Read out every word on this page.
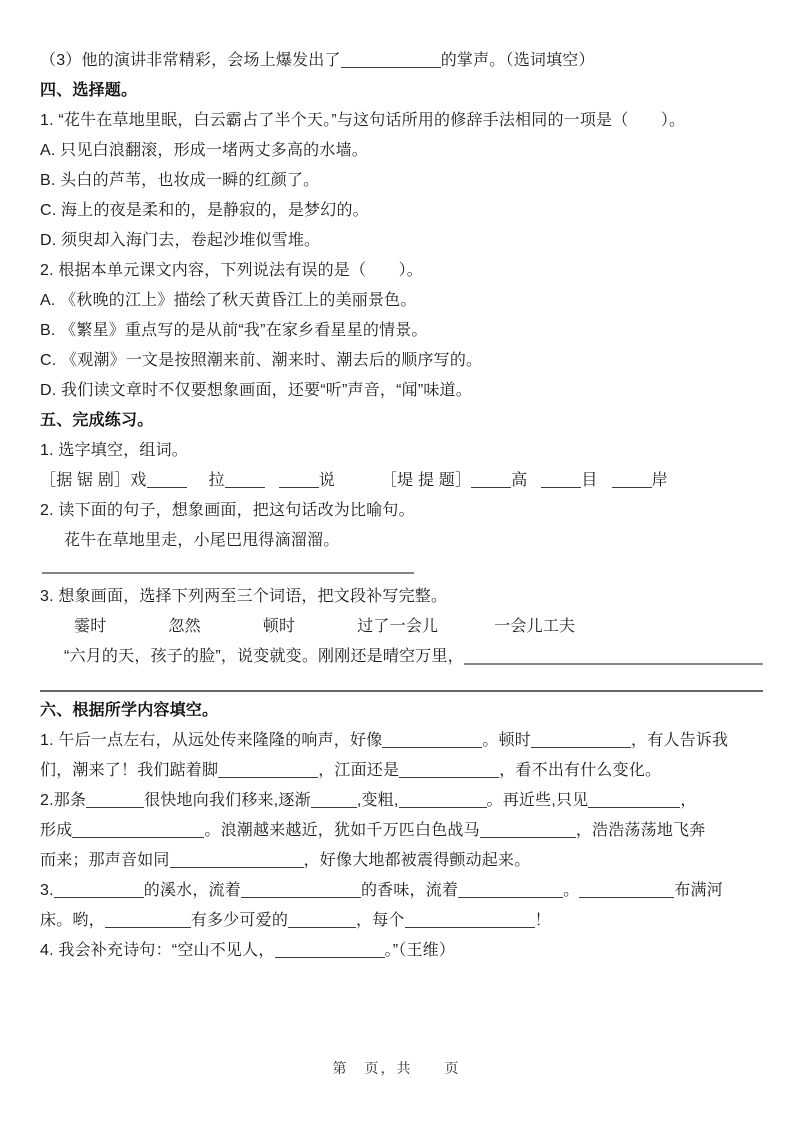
（3）他的演讲非常精彩，会场上爆发出了	的掌声。（选词填空）
四、选择题。
1. “花牛在草地里眠，白云霸占了半个天。”与这句话所用的修辞手法相同的一项是（　　）。
A. 只见白浪翻滚，形成一堵两丈多高的水墙。
B. 头白的芦苇，也妆成一瞬的红颜了。
C. 海上的夜是柔和的，是静寂的，是梦幻的。
D. 须臾却入海门去，卷起沙堆似雪堆。
2. 根据本单元课文内容，下列说法有误的是（　　）。
A. 《秋晚的江上》描绘了秋天黄昏江上的美丽景色。
B. 《繁星》重点写的是从前“我”在家乡看星星的情景。
C. 《观潮》一文是按照潮来前、潮来时、潮去后的顺序写的。
D. 我们读文章时不仅要想象画面，还要“听”声音，“闻”味道。
五、完成练习。
1. 选字填空，组词。
［据 锯 剧］戏	拉	说	［堤 提 题］	高	目	岸
2. 读下面的句子，想象画面，把这句话改为比喻句。
花牛在草地里走，小尾巴甩得滴溜溜。
3. 想象画面，选择下列两至三个词语，把文段补写完整。
霎时	忽然	顿时	过了一会儿	一会儿工夫
“六月的天，孩子的脸”，说变就变。刚刚还是晴空万里，
六、根据所学内容填空。
1. 午后一点左右，从远处传来隆隆的响声，好像	。顿时	，有人告诉我
们，潮来了！我们踮着脚	，江面还是	，看不出有什么变化。
2.那条	很快地向我们移来,逐渐	,变粗,	。再近些,只见	，
形成	。浪潮越来越近，犹如千万匹白色战马	，浩浩荡荡地飞奔
而来；那声音如同	，好像大地都被震得颤动起来。
3.	的溪水，流着	的香味，流着	。	布满河
床。哟，	有多少可爱的	，每个	！
4. 我会补充诗句：“空山不见人，	。”（王维）
第　页，共　　页
